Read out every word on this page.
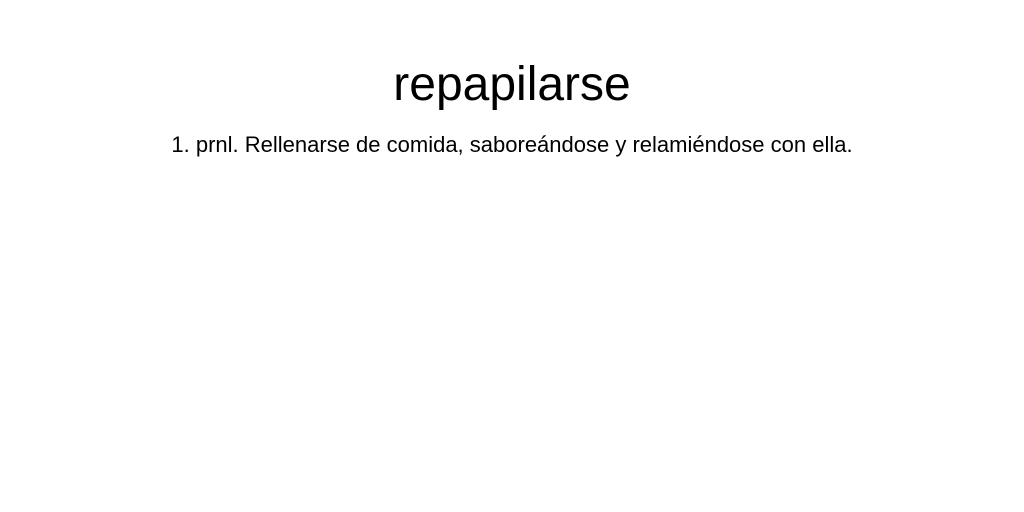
repapilarse

1. prnl. Rellenarse de comida, saboreándose y relamiéndose con ella.
